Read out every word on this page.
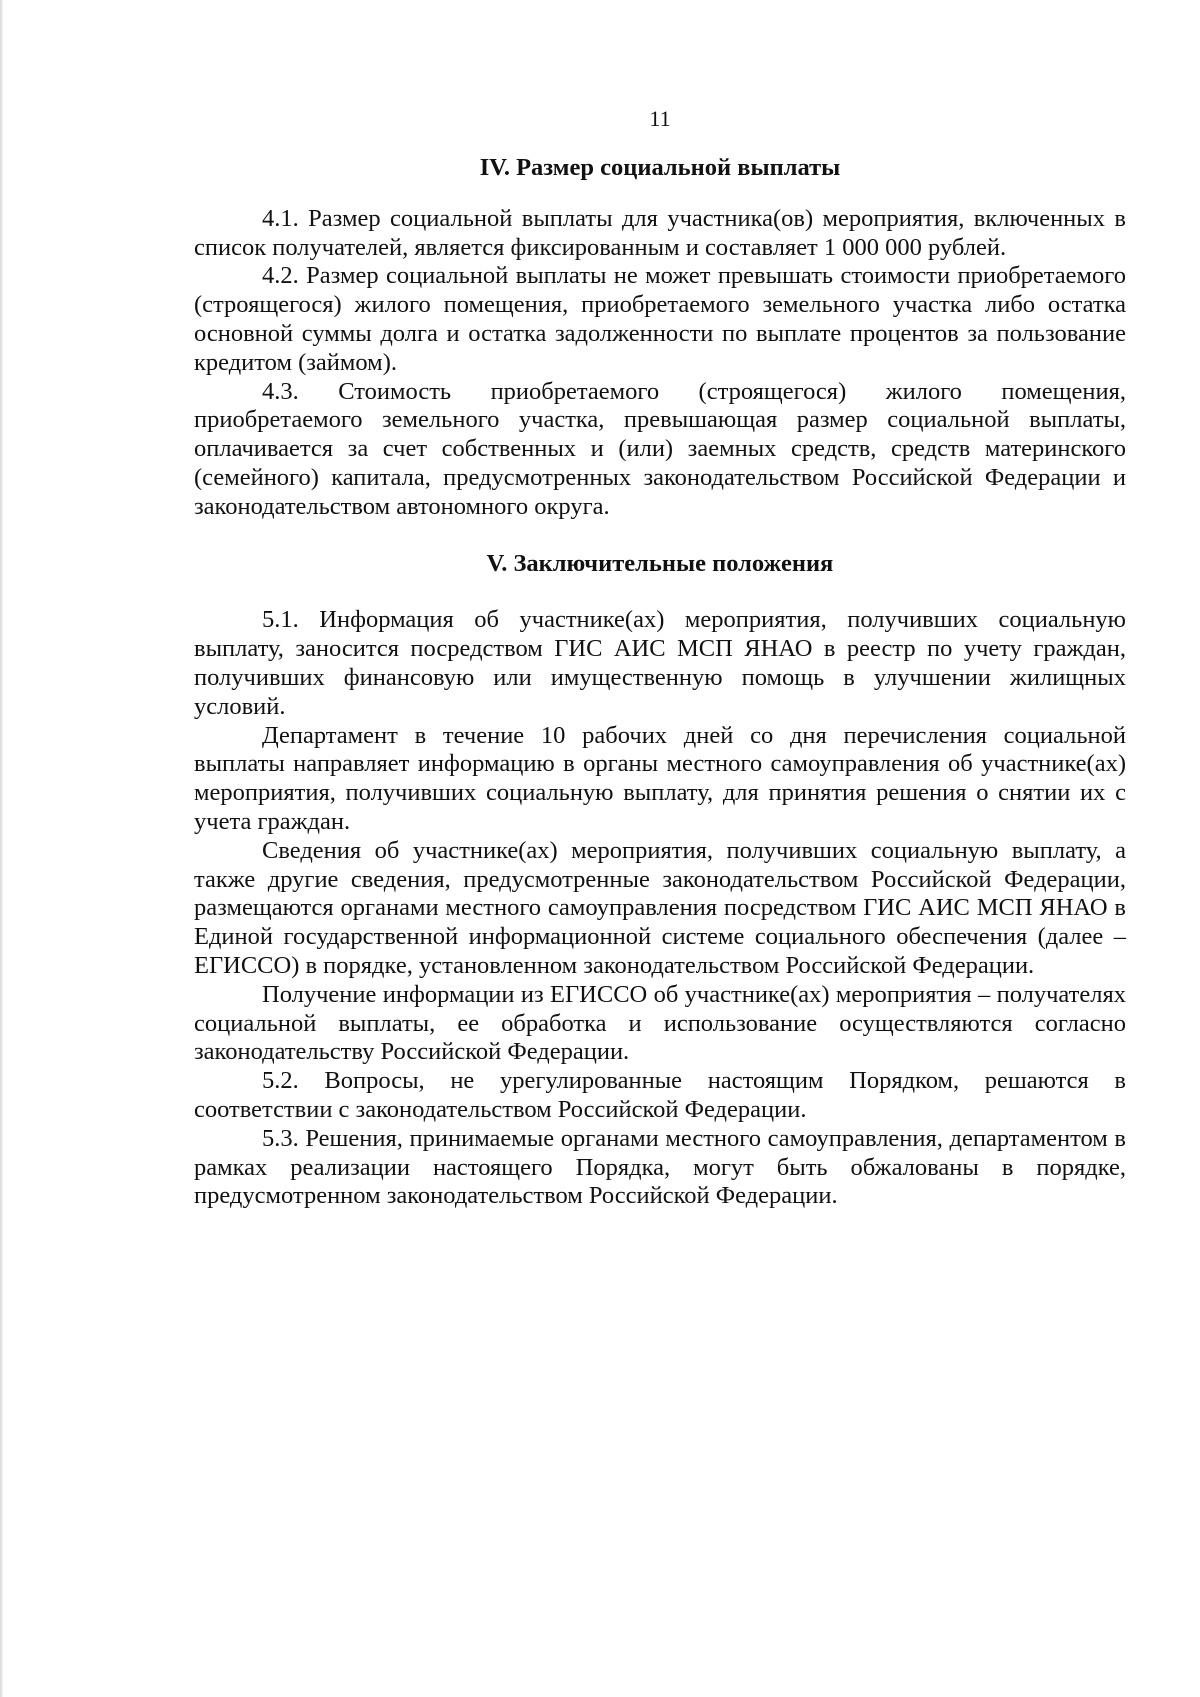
11
IV. Размер социальной выплаты

4.1. Размер социальной выплаты для участника(ов) мероприятия, включенных в список получателей, является фиксированным и составляет 1 000 000 рублей.

4.2. Размер социальной выплаты не может превышать стоимости приобретаемого (строящегося) жилого помещения, приобретаемого земельного участка либо остатка основной суммы долга и остатка задолженности по выплате процентов за пользование кредитом (займом).

4.3. Стоимость приобретаемого (строящегося) жилого помещения, приобретаемого земельного участка, превышающая размер социальной выплаты, оплачивается за счет собственных и (или) заемных средств, средств материнского (семейного) капитала, предусмотренных законодательством Российской Федерации и законодательством автономного округа.

V. Заключительные положения

5.1. Информация об участнике(ах) мероприятия, получивших социальную выплату, заносится посредством ГИС АИС МСП ЯНАО в реестр по учету граждан, получивших финансовую или имущественную помощь в улучшении жилищных условий.

Департамент в течение 10 рабочих дней со дня перечисления социальной выплаты направляет информацию в органы местного самоуправления об участнике(ах) мероприятия, получивших социальную выплату, для принятия решения о снятии их с учета граждан.

Сведения об участнике(ах) мероприятия, получивших социальную выплату, а также другие сведения, предусмотренные законодательством Российской Федерации, размещаются органами местного самоуправления посредством ГИС АИС МСП ЯНАО в Единой государственной информационной системе социального обеспечения (далее – ЕГИССО) в порядке, установленном законодательством Российской Федерации.

Получение информации из ЕГИССО об участнике(ах) мероприятия – получателях социальной выплаты, ее обработка и использование осуществляются согласно законодательству Российской Федерации.

5.2. Вопросы, не урегулированные настоящим Порядком, решаются в соответствии с законодательством Российской Федерации.

5.3. Решения, принимаемые органами местного самоуправления, департаментом в рамках реализации настоящего Порядка, могут быть обжалованы в порядке, предусмотренном законодательством Российской Федерации.
